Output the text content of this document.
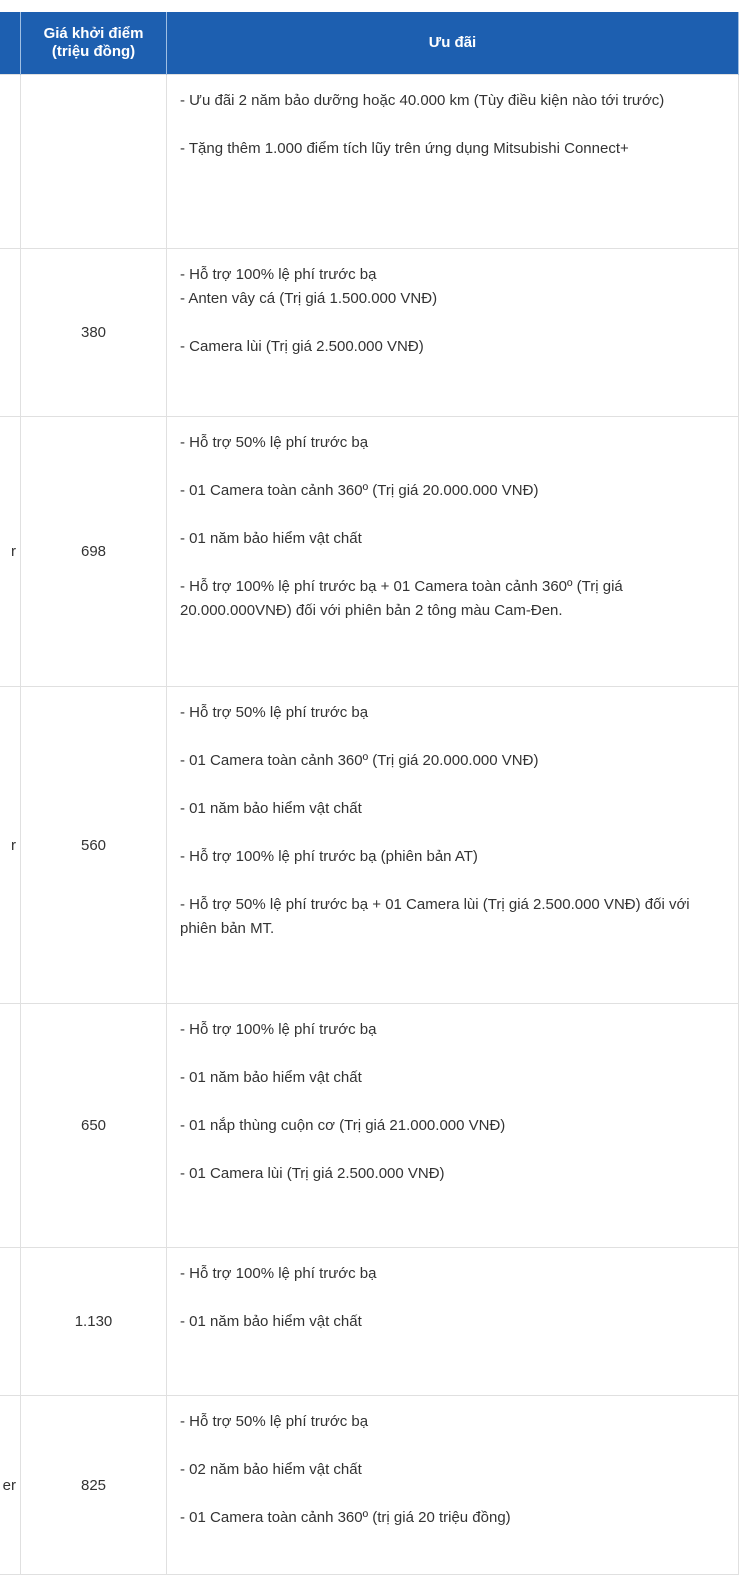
	Giá khởi điểm (triệu đồng)	Ưu đãi

		- Ưu đãi 2 năm bảo dưỡng hoặc 40.000 km (Tùy điều kiện nào tới trước)

- Tặng thêm 1.000 điểm tích lũy trên ứng dụng Mitsubishi Connect+

	380	- Hỗ trợ 100% lệ phí trước bạ

- Anten vây cá (Trị giá 1.500.000 VNĐ)

- Camera lùi (Trị giá 2.500.000 VNĐ)

r	698	- Hỗ trợ 50% lệ phí trước bạ

- 01 Camera toàn cảnh 360º (Trị giá 20.000.000 VNĐ)

- 01 năm bảo hiểm vật chất

- Hỗ trợ 100% lệ phí trước bạ + 01 Camera toàn cảnh 360º (Trị giá 20.000.000VNĐ) đối với phiên bản 2 tông màu Cam-Đen.

r	560	- Hỗ trợ 50% lệ phí trước bạ

- 01 Camera toàn cảnh 360º (Trị giá 20.000.000 VNĐ)

- 01 năm bảo hiểm vật chất

- Hỗ trợ 100% lệ phí trước bạ (phiên bản AT)

- Hỗ trợ 50% lệ phí trước bạ + 01 Camera lùi (Trị giá 2.500.000 VNĐ) đối với phiên bản MT.

	650	- Hỗ trợ 100% lệ phí trước bạ

- 01 năm bảo hiểm vật chất

- 01 nắp thùng cuộn cơ (Trị giá 21.000.000 VNĐ)

- 01 Camera lùi (Trị giá 2.500.000 VNĐ)

	1.130	- Hỗ trợ 100% lệ phí trước bạ

- 01 năm bảo hiểm vật chất

er	825	- Hỗ trợ 50% lệ phí trước bạ

- 02 năm bảo hiểm vật chất

- 01 Camera toàn cảnh 360º (trị giá 20 triệu đồng)
